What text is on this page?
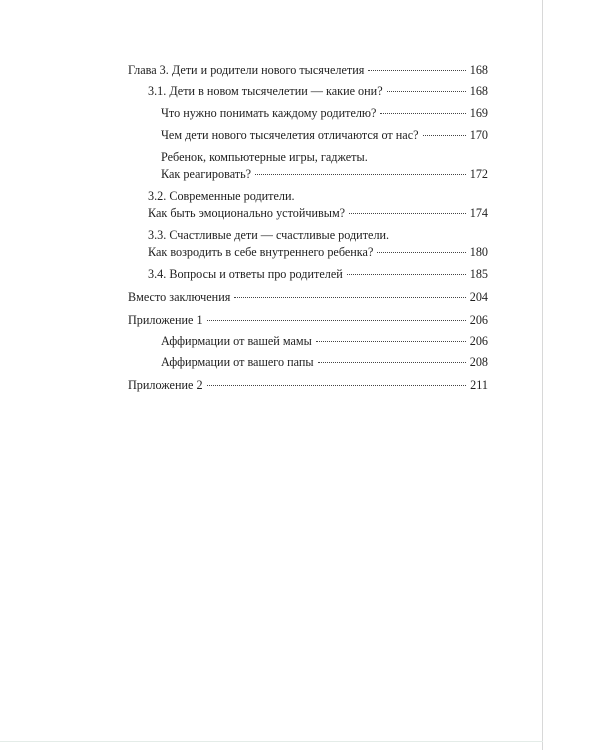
Глава 3. Дети и родители нового тысячелетия	168
3.1. Дети в новом тысячелетии — какие они?	168
Что нужно понимать каждому родителю?	169
Чем дети нового тысячелетия отличаются от нас?	170
Ребенок, компьютерные игры, гаджеты.
Как реагировать?	172
3.2. Современные родители.
Как быть эмоционально устойчивым?	174
3.3. Счастливые дети — счастливые родители.
Как возродить в себе внутреннего ребенка?	180
3.4. Вопросы и ответы про родителей	185
Вместо заключения	204
Приложение 1	206
Аффирмации от вашей мамы	206
Аффирмации от вашего папы	208
Приложение 2	211
